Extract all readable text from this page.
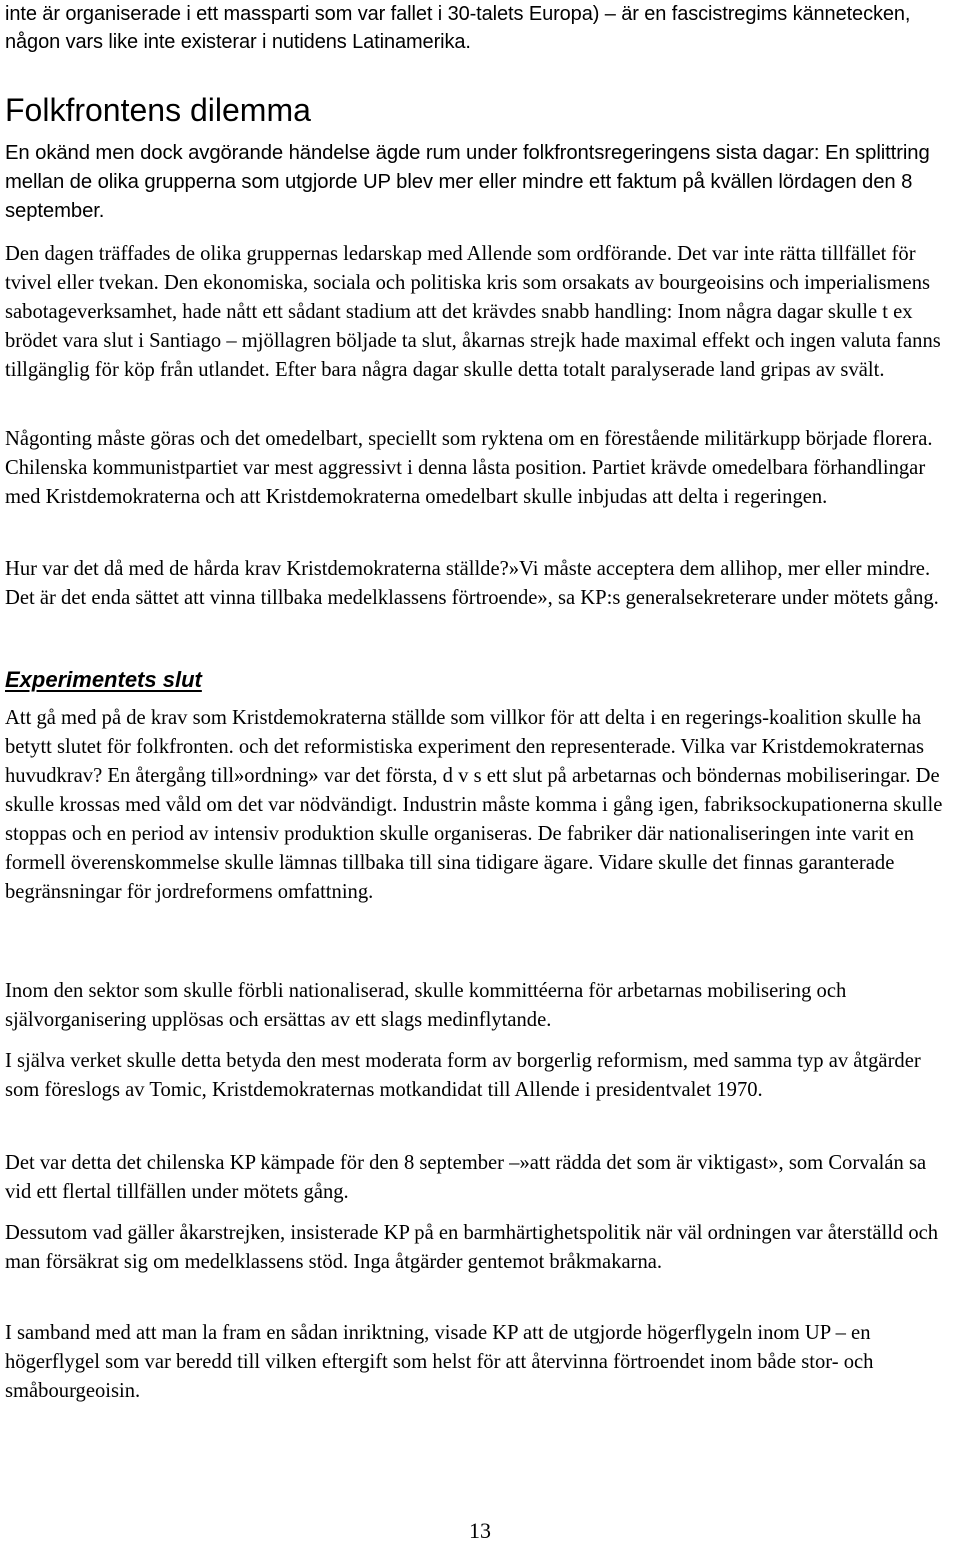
inte är organiserade i ett massparti som var fallet i 30-talets Europa) – är en fascistregims kännetecken, någon vars like inte existerar i nutidens Latinamerika.

Folkfrontens dilemma

En okänd men dock avgörande händelse ägde rum under folkfrontsregeringens sista dagar: En splittring mellan de olika grupperna som utgjorde UP blev mer eller mindre ett faktum på kvällen lördagen den 8 september.

Den dagen träffades de olika gruppernas ledarskap med Allende som ordförande. Det var inte rätta tillfället för tvivel eller tvekan. Den ekonomiska, sociala och politiska kris som orsakats av bourgeoisins och imperialismens sabotageverksamhet, hade nått ett sådant stadium att det krävdes snabb handling: Inom några dagar skulle t ex brödet vara slut i Santiago – mjöllagren böljade ta slut, åkarnas strejk hade maximal effekt och ingen valuta fanns tillgänglig för köp från utlandet. Efter bara några dagar skulle detta totalt paralyserade land gripas av svält.

Någonting måste göras och det omedelbart, speciellt som ryktena om en förestående militärkupp började florera. Chilenska kommunistpartiet var mest aggressivt i denna låsta position. Partiet krävde omedelbara förhandlingar med Kristdemokraterna och att Kristdemokraterna omedelbart skulle inbjudas att delta i regeringen.

Hur var det då med de hårda krav Kristdemokraterna ställde?»Vi måste acceptera dem allihop, mer eller mindre. Det är det enda sättet att vinna tillbaka medelklassens förtroende», sa KP:s generalsekreterare under mötets gång.

Experimentets slut

Att gå med på de krav som Kristdemokraterna ställde som villkor för att delta i en regerings-koalition skulle ha betytt slutet för folkfronten. och det reformistiska experiment den representerade. Vilka var Kristdemokraternas huvudkrav? En återgång till»ordning» var det första, d v s ett slut på arbetarnas och böndernas mobiliseringar. De skulle krossas med våld om det var nödvändigt. Industrin måste komma i gång igen, fabriksockupationerna skulle stoppas och en period av intensiv produktion skulle organiseras. De fabriker där nationaliseringen inte varit en formell överenskommelse skulle lämnas tillbaka till sina tidigare ägare. Vidare skulle det finnas garanterade begränsningar för jordreformens omfattning.

Inom den sektor som skulle förbli nationaliserad, skulle kommittéerna för arbetarnas mobilisering och självorganisering upplösas och ersättas av ett slags medinflytande.

I själva verket skulle detta betyda den mest moderata form av borgerlig reformism, med samma typ av åtgärder som föreslogs av Tomic, Kristdemokraternas motkandidat till Allende i presidentvalet 1970.

Det var detta det chilenska KP kämpade för den 8 september –»att rädda det som är viktigast», som Corvalán sa vid ett flertal tillfällen under mötets gång.

Dessutom vad gäller åkarstrejken, insisterade KP på en barmhärtighetspolitik när väl ordningen var återställd och man försäkrat sig om medelklassens stöd. Inga åtgärder gentemot bråkmakarna.

I samband med att man la fram en sådan inriktning, visade KP att de utgjorde högerflygeln inom UP – en högerflygel som var beredd till vilken eftergift som helst för att återvinna förtroendet inom både stor- och småbourgeoisin.

13
